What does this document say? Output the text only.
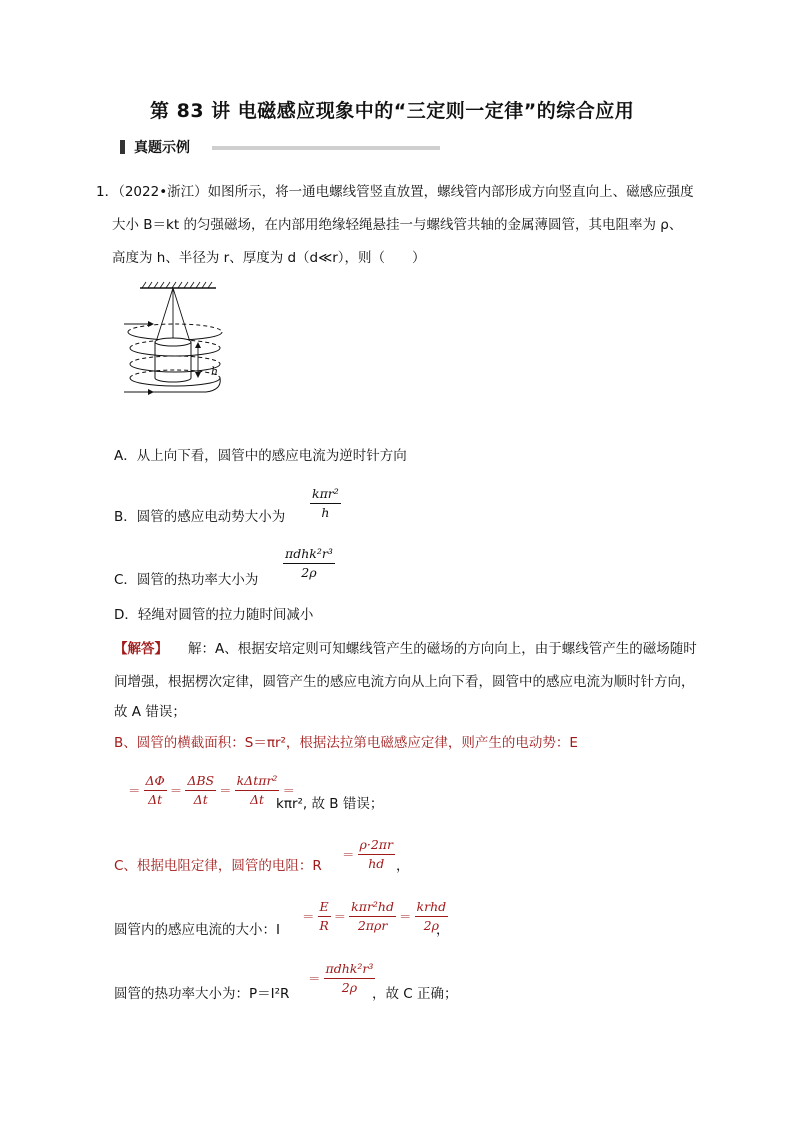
第 83 讲 电磁感应现象中的“三定则一定律”的综合应用
真题示例
1．（2022•浙江）如图所示，将一通电螺线管竖直放置，螺线管内部形成方向竖直向上、磁感应强度
大小 B＝kt 的匀强磁场，在内部用绝缘轻绳悬挂一与螺线管共轴的金属薄圆管，其电阻率为 ρ、
高度为 h、半径为 r、厚度为 d（d≪r），则（　　）
h
A．从上向下看，圆管中的感应电流为逆时针方向
B．圆管的感应电动势大小为
kπr²
h
C．圆管的热功率大小为
πdhk²r³
2ρ
D．轻绳对圆管的拉力随时间减小
【解答】 解：A、根据安培定则可知螺线管产生的磁场的方向向上，由于螺线管产生的磁场随时
间增强，根据楞次定律，圆管产生的感应电流方向从上向下看，圆管中的感应电流为顺时针方向，
故 A 错误；
B、圆管的横截面积：S＝πr²，根据法拉第电磁感应定律，则产生的电动势：E
＝ $\frac{\Delta\Phi}{\Delta t} = \frac{\text{ΔBS}}{\Delta t} = \frac{\text{kΔtπr²}}{\Delta t}$ ＝
kπr², 故 B 错误；
C、根据电阻定律，圆管的电阻：R
＝ $\frac{\rho\cdot 2\pi r}{hd}$ ，
圆管内的感应电流的大小：I
＝ $\frac{E}{R} = \frac{\text{kπr²hd}}{\text{2πρr}} = \frac{\text{krhd}}{2\rho}$
，
圆管的热功率大小为：P＝I²R
＝ $\frac{\text{πdhk²r³}}{2\rho}$
，故 C 正确；
